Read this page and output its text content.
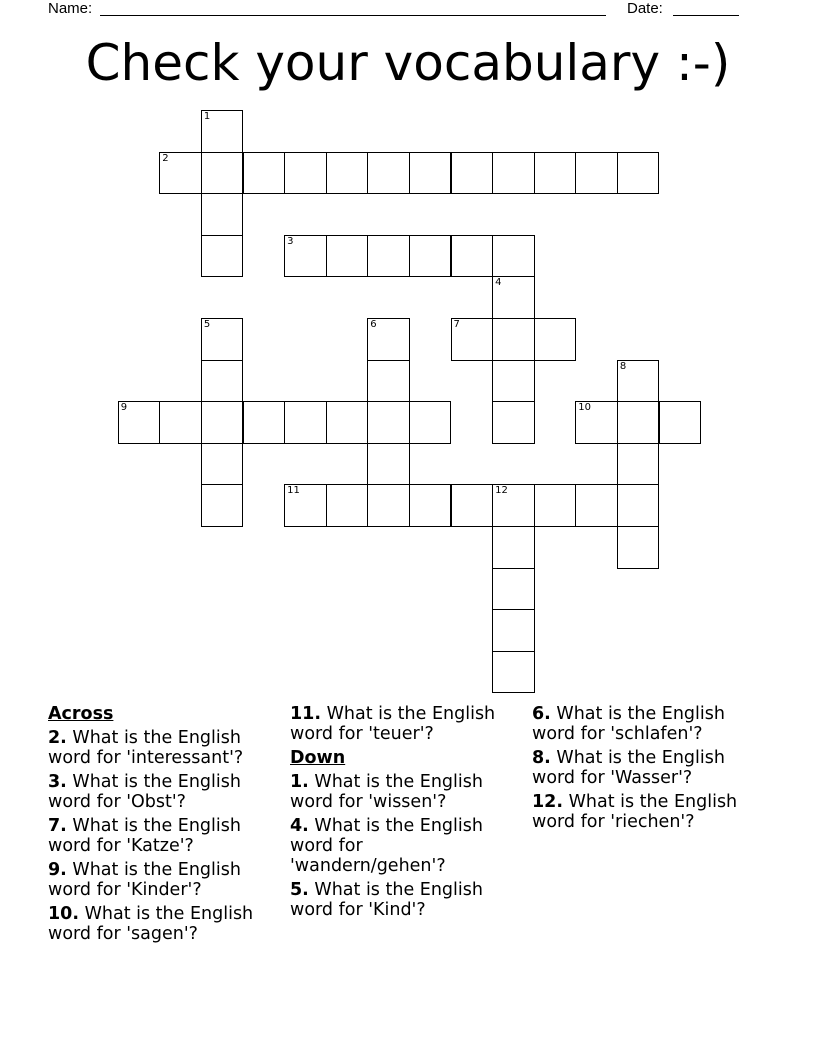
Name:	Date:
Check your vocabulary :-)
1
2
3
4
5	6	7
8
9	10
11	12
Across
2. What is the English word for 'interessant'?
3. What is the English word for 'Obst'?
7. What is the English word for 'Katze'?
9. What is the English word for 'Kinder'?
10. What is the English word for 'sagen'?
11. What is the English word for 'teuer'?
Down
1. What is the English word for 'wissen'?
4. What is the English word for 'wandern/gehen'?
5. What is the English word for 'Kind'?
6. What is the English word for 'schlafen'?
8. What is the English word for 'Wasser'?
12. What is the English word for 'riechen'?
